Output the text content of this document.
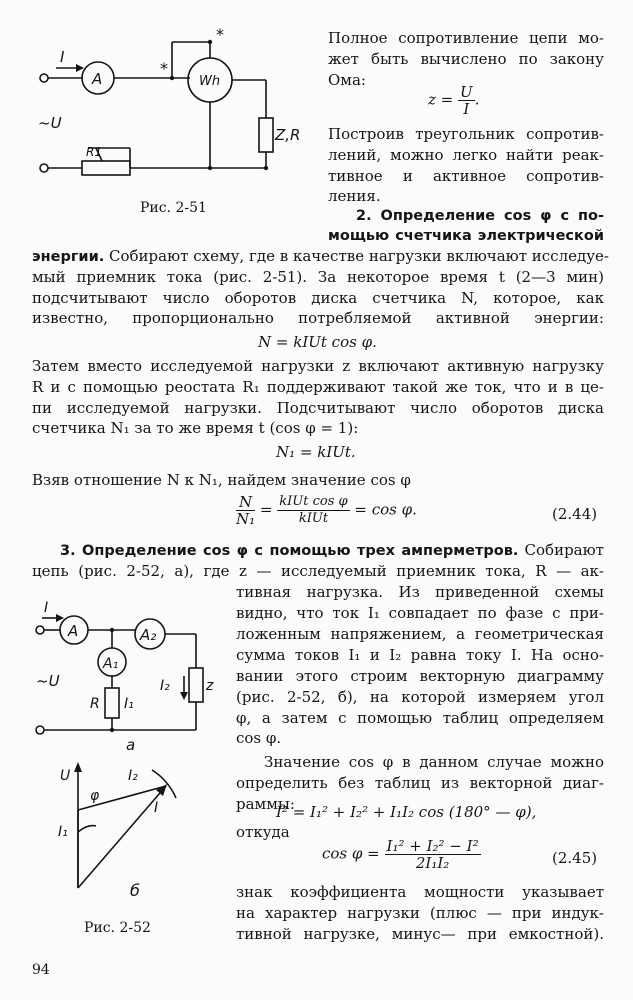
I
A	Wh
*
*
~U
R1
Z,R
Рис. 2-51
Полное сопротивление цепи мо-
жет быть вычислено по закону
Ома:
$z = \frac{U}{I}$ .
Построив треугольник сопротив-
лений, можно легко найти реак-
тивное и активное сопротив-
ления.
2. Определение cos φ с по-
мощью счетчика электрической
энергии. Собирают схему, где в качестве нагрузки включают исследуе-
мый приемник тока (рис. 2-51). За некоторое время t (2—3 мин)
подсчитывают число оборотов диска счетчика N, которое, как
известно, пропорционально потребляемой активной энергии:
N = kIUt cos φ.
Затем вместо исследуемой нагрузки z включают активную нагрузку
R и с помощью реостата R₁ поддерживают такой же ток, что и в це-
пи исследуемой нагрузки. Подсчитывают число оборотов диска
счетчика N₁ за то же время t (cos φ = 1):
N₁ = kIUt.
Взяв отношение N к N₁, найдем значение cos φ
$\frac{N}{\text{N₁}}$ = kIUt cos φ
kIUt	= cos φ.	(2.44)
3. Определение cos φ с помощью трех амперметров. Собирают
цепь (рис. 2-52, а), где z — исследуемый приемник тока, R — ак-
тивная нагрузка. Из приведенной схемы
видно, что ток I₁ совпадает по фазе с при-
ложенным напряжением, а геометрическая
сумма токов I₁ и I₂ равна току I. На осно-
вании этого строим векторную диаграмму
(рис. 2-52, б), на которой измеряем угол
φ, а затем с помощью таблиц определяем
cos φ.
Значение cos φ в данном случае можно
определить без таблиц из векторной диаг-
раммы:
I² = I₁² + I₂² + I₁I₂ cos (180° — φ),
откуда
$\cos \varphi = \frac{\text{I₁² + I₂² − I²}}{\text{2I₁I₂}}$	(2.45)
знак коэффициента мощности указывает
на характер нагрузки (плюс — при индук-
тивной нагрузке, минус— при емкостной).
I
A	A₂
A₁
~U
R I₁
I₂	z
а
U
I₁
I₂
I
φ
б
Рис. 2-52
94
